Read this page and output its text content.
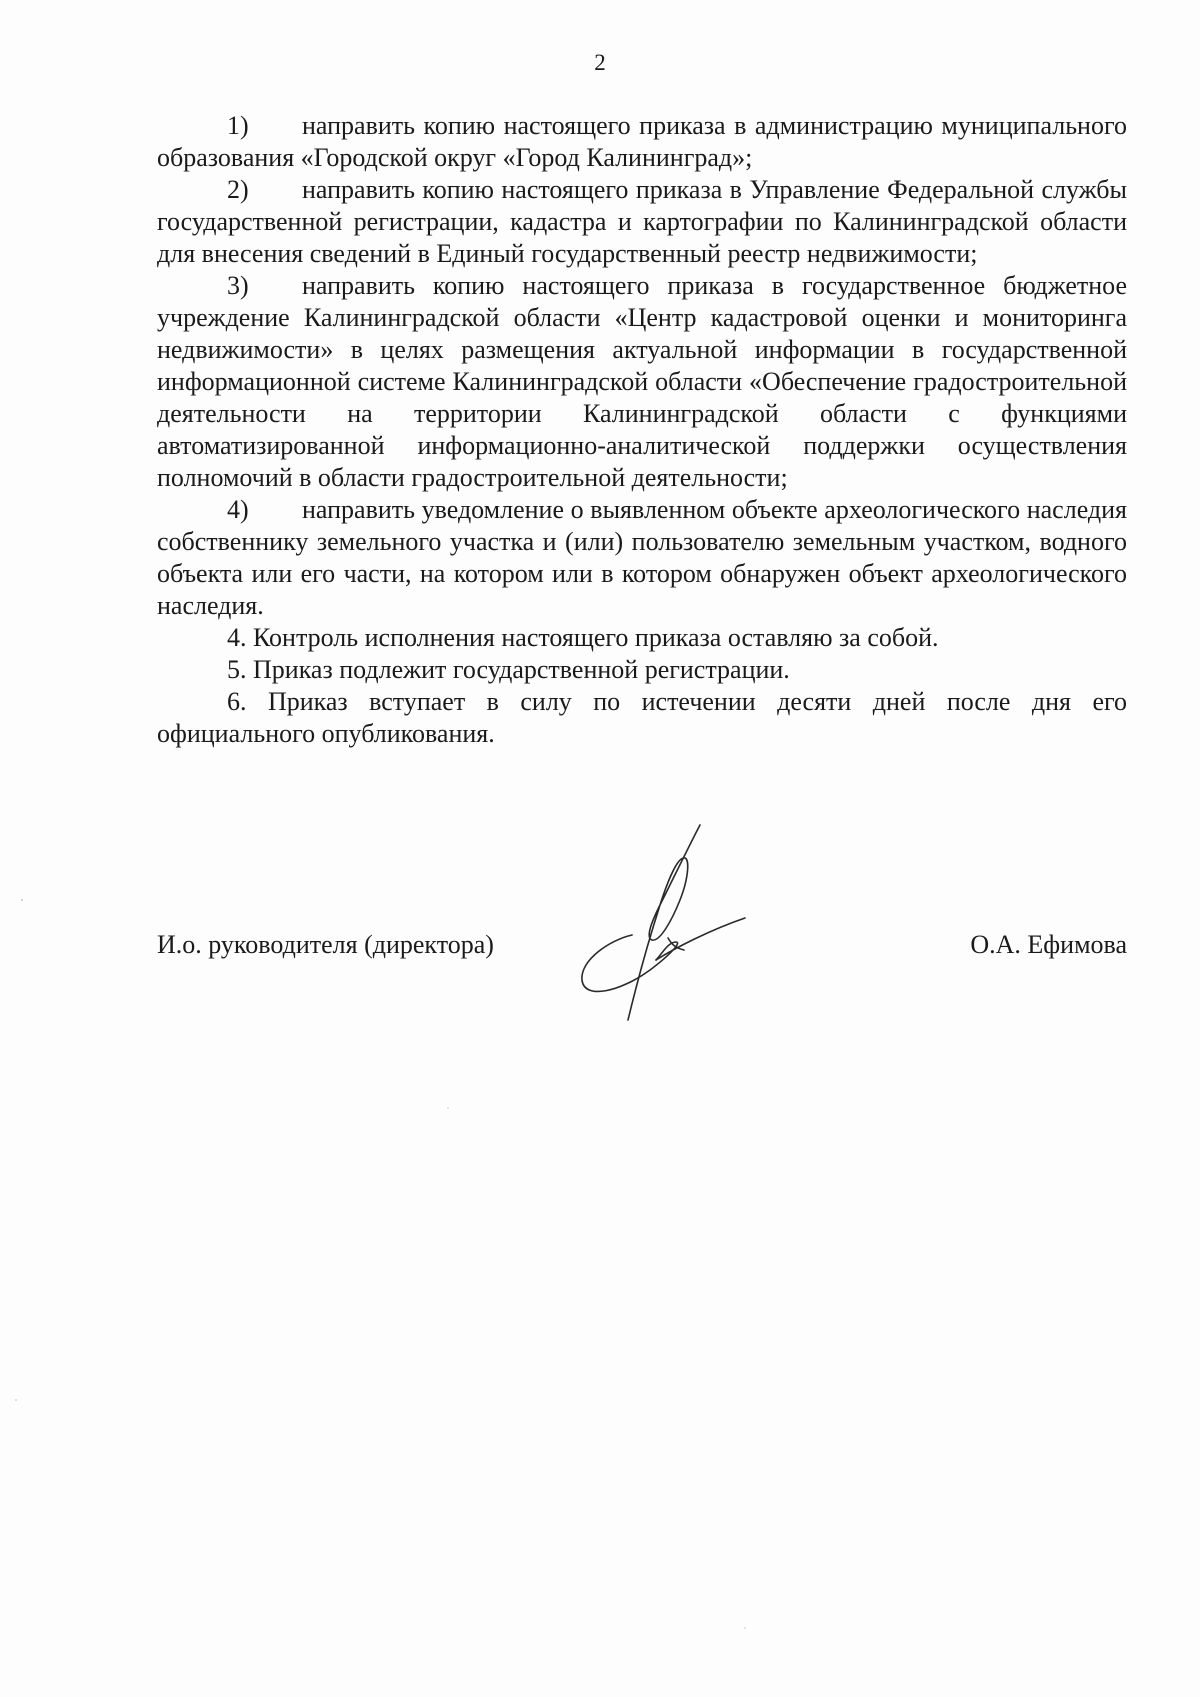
2

1) направить копию настоящего приказа в администрацию муниципального образования «Городской округ «Город Калининград»;

2) направить копию настоящего приказа в Управление Федеральной службы государственной регистрации, кадастра и картографии по Калининградской области для внесения сведений в Единый государственный реестр недвижимости;

3) направить копию настоящего приказа в государственное бюджетное учреждение Калининградской области «Центр кадастровой оценки и мониторинга недвижимости» в целях размещения актуальной информации в государственной информационной системе Калининградской области «Обеспечение градостроительной деятельности на территории Калининградской области с функциями автоматизированной информационно-аналитической поддержки осуществления полномочий в области градостроительной деятельности;

4) направить уведомление о выявленном объекте археологического наследия собственнику земельного участка и (или) пользователю земельным участком, водного объекта или его части, на котором или в котором обнаружен объект археологического наследия.

4. Контроль исполнения настоящего приказа оставляю за собой.

5. Приказ подлежит государственной регистрации.

6. Приказ вступает в силу по истечении десяти дней после дня его официального опубликования.

И.о. руководителя (директора)	О.А. Ефимова
